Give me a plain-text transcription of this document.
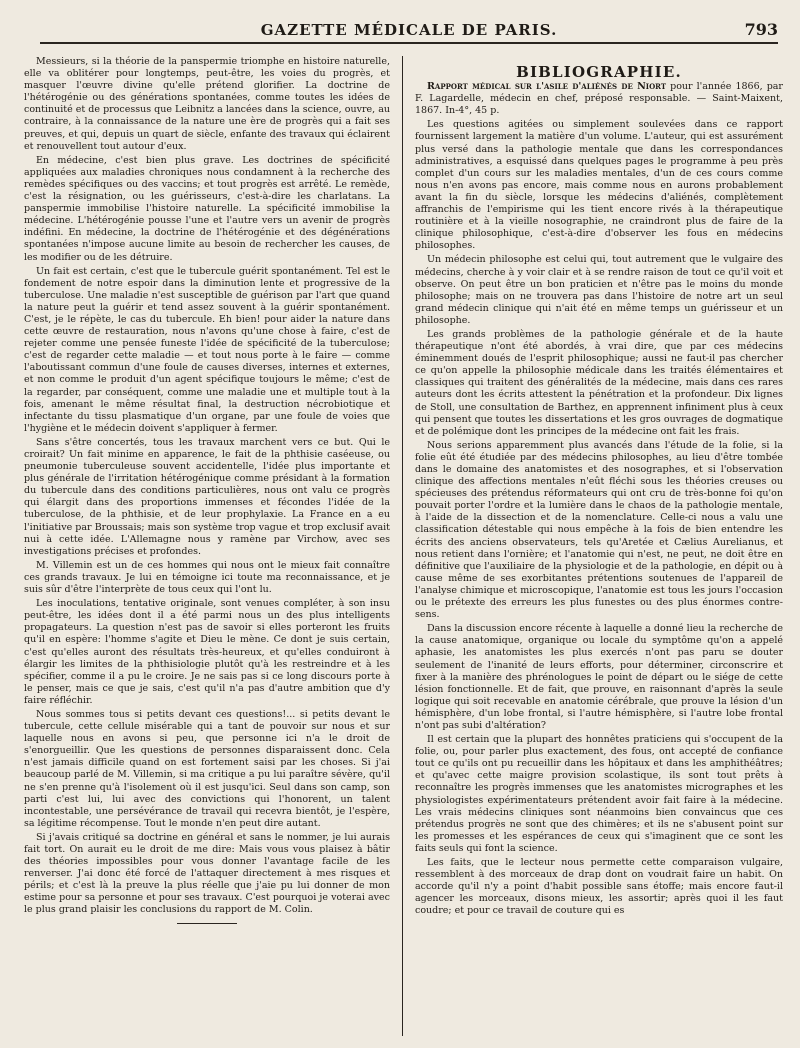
GAZETTE MÉDICALE DE PARIS.	793

Messieurs, si la théorie de la panspermie triomphe en histoire naturelle, elle va oblitérer pour longtemps, peut-être, les voies du progrès, et masquer l'œuvre divine qu'elle prétend glorifier. La doctrine de l'hétérogénie ou des générations spontanées, comme toutes les idées de continuité et de processus que Leibnitz a lancées dans la science, ouvre, au contraire, à la connaissance de la nature une ère de progrès qui a fait ses preuves, et qui, depuis un quart de siècle, enfante des travaux qui éclairent et renouvellent tout autour d'eux.

En médecine, c'est bien plus grave. Les doctrines de spécificité appliquées aux maladies chroniques nous condamnent à la recherche des remèdes spécifiques ou des vaccins; et tout progrès est arrêté. Le remède, c'est la résignation, ou les guérisseurs, c'est-à-dire les charlatans. La panspermie immobilise l'histoire naturelle. La spécificité immobilise la médecine. L'hétérogénie pousse l'une et l'autre vers un avenir de progrès indéfini. En médecine, la doctrine de l'hétérogénie et des dégénérations spontanées n'impose aucune limite au besoin de rechercher les causes, de les modifier ou de les détruire.

Un fait est certain, c'est que le tubercule guérit spontanément. Tel est le fondement de notre espoir dans la diminution lente et progressive de la tuberculose. Une maladie n'est susceptible de guérison par l'art que quand la nature peut la guérir et tend assez souvent à la guérir spontanément. C'est, je le répète, le cas du tubercule. Eh bien! pour aider la nature dans cette œuvre de restauration, nous n'avons qu'une chose à faire, c'est de rejeter comme une pensée funeste l'idée de spécificité de la tuberculose; c'est de regarder cette maladie — et tout nous porte à le faire — comme l'aboutissant commun d'une foule de causes diverses, internes et externes, et non comme le produit d'un agent spécifique toujours le même; c'est de la regarder, par conséquent, comme une maladie une et multiple tout à la fois, amenant le même résultat final, la destruction nécrobiotique et infectante du tissu plasmatique d'un organe, par une foule de voies que l'hygiène et le médecin doivent s'appliquer à fermer.

Sans s'être concertés, tous les travaux marchent vers ce but. Qui le croirait? Un fait minime en apparence, le fait de la phthisie caséeuse, ou pneumonie tuberculeuse souvent accidentelle, l'idée plus importante et plus générale de l'irritation hétérogénique comme présidant à la formation du tubercule dans des conditions particulières, nous ont valu ce progrès qui élargit dans des proportions immenses et fécondes l'idée de la tuberculose, de la phthisie, et de leur prophylaxie. La France en a eu l'initiative par Broussais; mais son système trop vague et trop exclusif avait nui à cette idée. L'Allemagne nous y ramène par Virchow, avec ses investigations précises et profondes.

M. Villemin est un de ces hommes qui nous ont le mieux fait connaître ces grands travaux. Je lui en témoigne ici toute ma reconnaissance, et je suis sûr d'être l'interprète de tous ceux qui l'ont lu.

Les inoculations, tentative originale, sont venues compléter, à son insu peut-être, les idées dont il a été parmi nous un des plus intelligents propagateurs. La question n'est pas de savoir si elles porteront les fruits qu'il en espère: l'homme s'agite et Dieu le mène. Ce dont je suis certain, c'est qu'elles auront des résultats très-heureux, et qu'elles conduiront à élargir les limites de la phthisiologie plutôt qu'à les restreindre et à les spécifier, comme il a pu le croire. Je ne sais pas si ce long discours porte à le penser, mais ce que je sais, c'est qu'il n'a pas d'autre ambition que d'y faire réfléchir.

Nous sommes tous si petits devant ces questions!... si petits devant le tubercule, cette cellule misérable qui a tant de pouvoir sur nous et sur laquelle nous en avons si peu, que personne ici n'a le droit de s'enorgueillir. Que les questions de personnes disparaissent donc. Cela n'est jamais difficile quand on est fortement saisi par les choses. Si j'ai beaucoup parlé de M. Villemin, si ma critique a pu lui paraître sévère, qu'il ne s'en prenne qu'à l'isolement où il est jusqu'ici. Seul dans son camp, son parti c'est lui, lui avec des convictions qui l'honorent, un talent incontestable, une persévérance de travail qui recevra bientôt, je l'espère, sa légitime récompense. Tout le monde n'en peut dire autant.

Si j'avais critiqué sa doctrine en général et sans le nommer, je lui aurais fait tort. On aurait eu le droit de me dire: Mais vous vous plaisez à bâtir des théories impossibles pour vous donner l'avantage facile de les renverser. J'ai donc été forcé de l'attaquer directement à mes risques et périls; et c'est là la preuve la plus réelle que j'aie pu lui donner de mon estime pour sa personne et pour ses travaux. C'est pourquoi je voterai avec le plus grand plaisir les conclusions du rapport de M. Colin.

BIBLIOGRAPHIE.

Rapport médical sur l'asile d'aliénés de Niort pour l'année 1866, par F. Lagardelle, médecin en chef, préposé responsable. — Saint-Maixent, 1867. In-4°, 45 p.

Les questions agitées ou simplement soulevées dans ce rapport fournissent largement la matière d'un volume. L'auteur, qui est assurément plus versé dans la pathologie mentale que dans les correspondances administratives, a esquissé dans quelques pages le programme à peu près complet d'un cours sur les maladies mentales, d'un de ces cours comme nous n'en avons pas encore, mais comme nous en aurons probablement avant la fin du siècle, lorsque les médecins d'aliénés, complètement affranchis de l'empirisme qui les tient encore rivés à la thérapeutique routinière et à la vieille nosographie, ne craindront plus de faire de la clinique philosophique, c'est-à-dire d'observer les fous en médecins philosophes.

Un médecin philosophe est celui qui, tout autrement que le vulgaire des médecins, cherche à y voir clair et à se rendre raison de tout ce qu'il voit et observe. On peut être un bon praticien et n'être pas le moins du monde philosophe; mais on ne trouvera pas dans l'histoire de notre art un seul grand médecin clinique qui n'ait été en même temps un guérisseur et un philosophe.

Les grands problèmes de la pathologie générale et de la haute thérapeutique n'ont été abordés, à vrai dire, que par ces médecins éminemment doués de l'esprit philosophique; aussi ne faut-il pas chercher ce qu'on appelle la philosophie médicale dans les traités élémentaires et classiques qui traitent des généralités de la médecine, mais dans ces rares auteurs dont les écrits attestent la pénétration et la profondeur. Dix lignes de Stoll, une consultation de Barthez, en apprennent infiniment plus à ceux qui pensent que toutes les dissertations et les gros ouvrages de dogmatique et de polémique dont les principes de la médecine ont fait les frais.

Nous serions apparemment plus avancés dans l'étude de la folie, si la folie eût été étudiée par des médecins philosophes, au lieu d'être tombée dans le domaine des anatomistes et des nosographes, et si l'observation clinique des affections mentales n'eût fléchi sous les théories creuses ou spécieuses des prétendus réformateurs qui ont cru de très-bonne foi qu'on pouvait porter l'ordre et la lumière dans le chaos de la pathologie mentale, à l'aide de la dissection et de la nomenclature. Celle-ci nous a valu une classification détestable qui nous empêche à la fois de bien entendre les écrits des anciens observateurs, tels qu'Aretée et Cælius Aurelianus, et nous retient dans l'ornière; et l'anatomie qui n'est, ne peut, ne doit être en définitive que l'auxiliaire de la physiologie et de la pathologie, en dépit ou à cause même de ses exorbitantes prétentions soutenues de l'appareil de l'analyse chimique et microscopique, l'anatomie est tous les jours l'occasion ou le prétexte des erreurs les plus funestes ou des plus énormes contre-sens.

Dans la discussion encore récente à laquelle a donné lieu la recherche de la cause anatomique, organique ou locale du symptôme qu'on a appelé aphasie, les anatomistes les plus exercés n'ont pas paru se douter seulement de l'inanité de leurs efforts, pour déterminer, circonscrire et fixer à la manière des phrénologues le point de départ ou le siége de cette lésion fonctionnelle. Et de fait, que prouve, en raisonnant d'après la seule logique qui soit recevable en anatomie cérébrale, que prouve la lésion d'un hémisphère, d'un lobe frontal, si l'autre hémisphère, si l'autre lobe frontal n'ont pas subi d'altération?

Il est certain que la plupart des honnêtes praticiens qui s'occupent de la folie, ou, pour parler plus exactement, des fous, ont accepté de confiance tout ce qu'ils ont pu recueillir dans les hôpitaux et dans les amphithéâtres; et qu'avec cette maigre provision scolastique, ils sont tout prêts à reconnaître les progrès immenses que les anatomistes micrographes et les physiologistes expérimentateurs prétendent avoir fait faire à la médecine. Les vrais médecins cliniques sont néanmoins bien convaincus que ces prétendus progrès ne sont que des chimères; et ils ne s'abusent point sur les promesses et les espérances de ceux qui s'imaginent que ce sont les faits seuls qui font la science.

Les faits, que le lecteur nous permette cette comparaison vulgaire, ressemblent à des morceaux de drap dont on voudrait faire un habit. On accorde qu'il n'y a point d'habit possible sans étoffe; mais encore faut-il agencer les morceaux, disons mieux, les assortir; après quoi il les faut coudre; et pour ce travail de couture qui es
